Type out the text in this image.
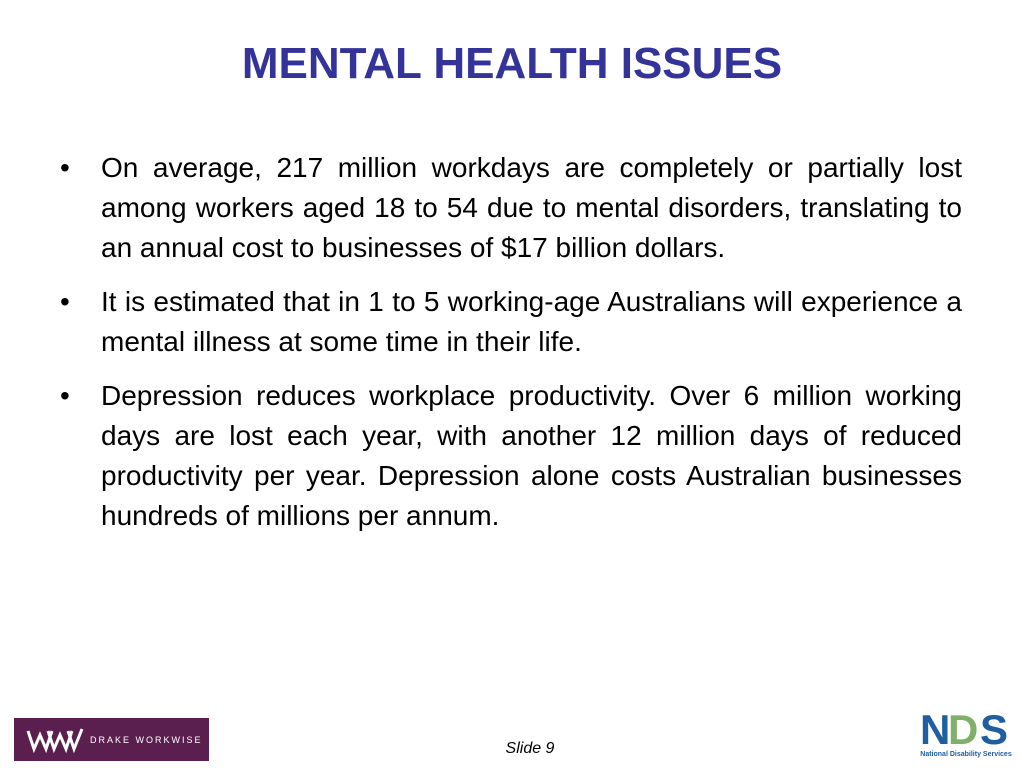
MENTAL HEALTH ISSUES
•	On average, 217 million workdays are completely or partially lost among workers aged 18 to 54 due to mental disorders, translating to an annual cost to businesses of $17 billion dollars.
•	It is estimated that in 1 to 5 working-age Australians will experience a mental illness at some time in their life.
•	Depression reduces workplace productivity. Over 6 million working days are lost each year, with another 12 million days of reduced productivity per year. Depression alone costs Australian businesses hundreds of millions per annum.
DRAKE WORKWISE
Slide 9	N
D S
National Disability Services
